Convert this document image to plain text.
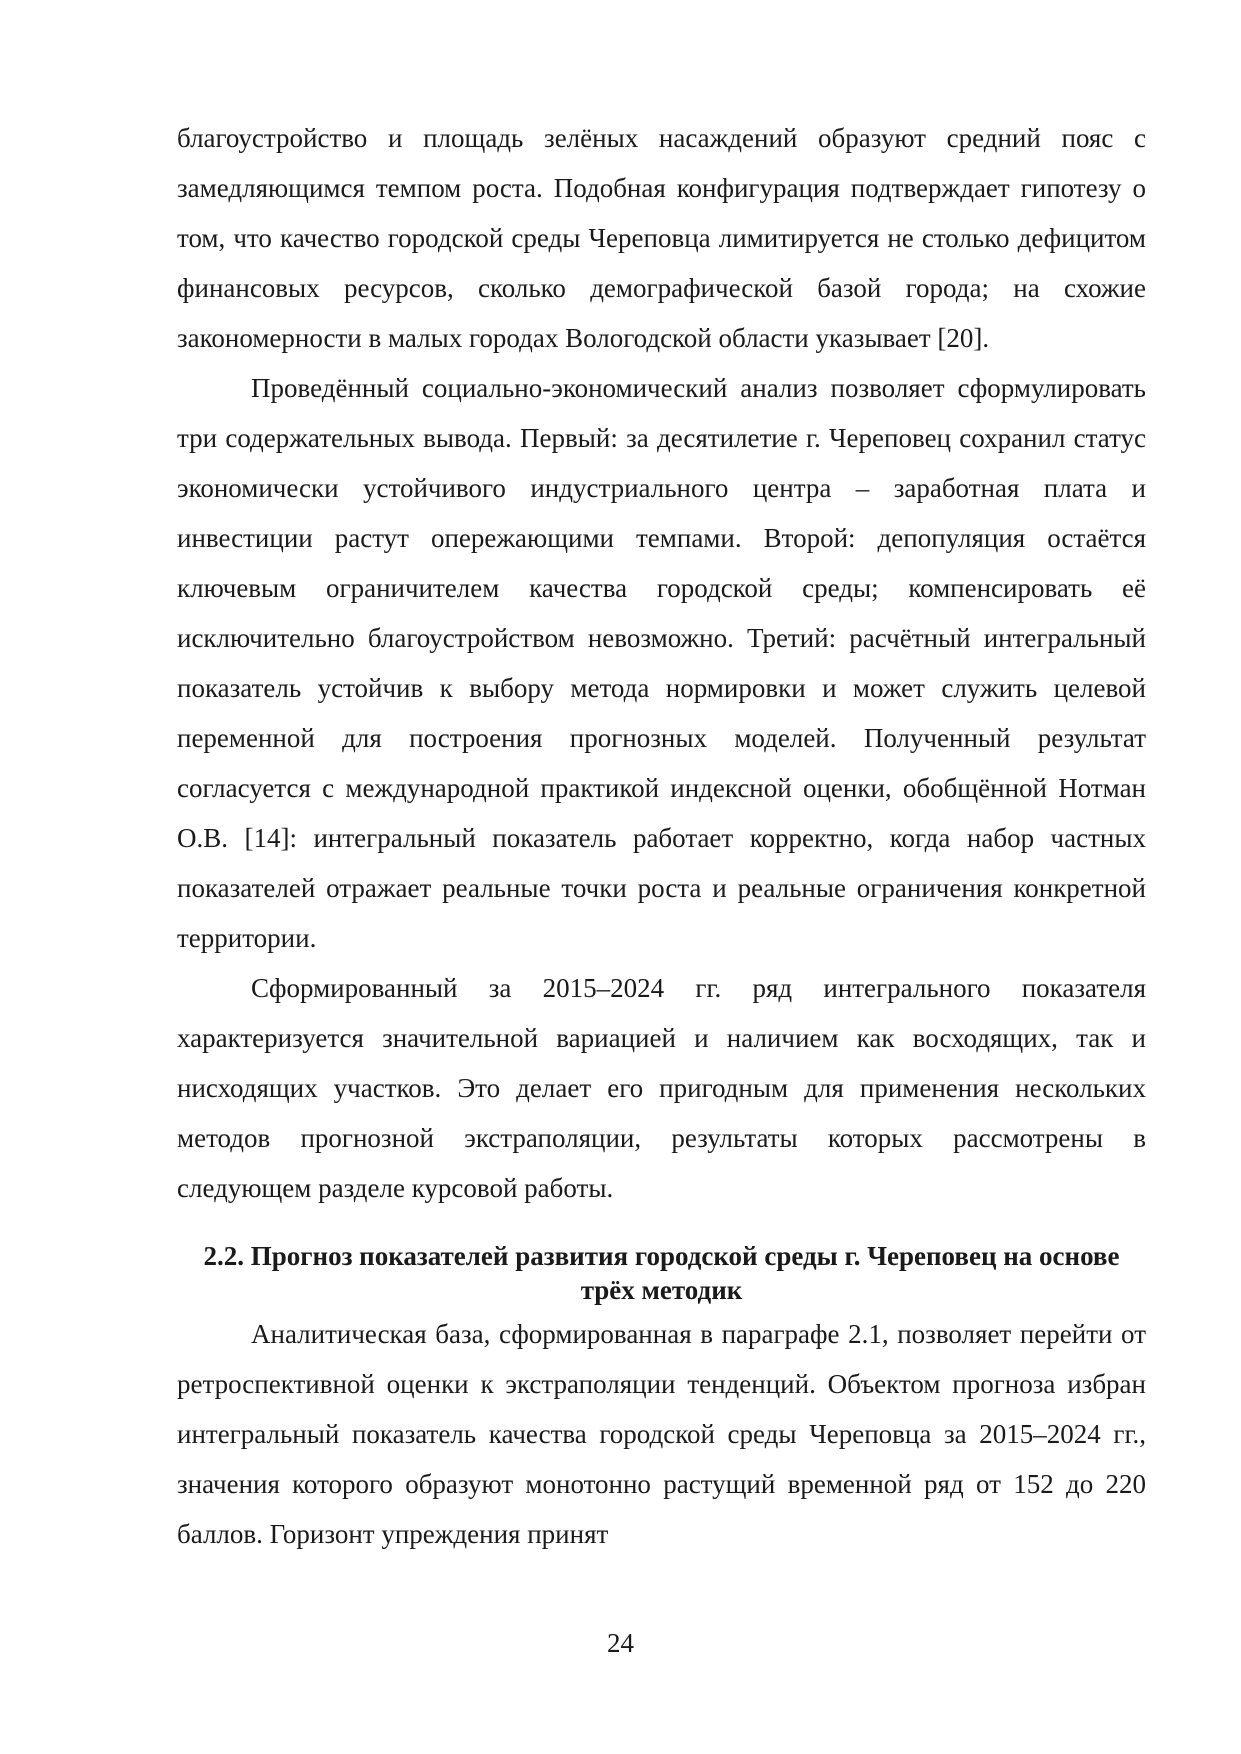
благоустройство и площадь зелёных насаждений образуют средний пояс с замедляющимся темпом роста. Подобная конфигурация подтверждает гипотезу о том, что качество городской среды Череповца лимитируется не столько дефицитом финансовых ресурсов, сколько демографической базой города; на схожие закономерности в малых городах Вологодской области указывает [20].

Проведённый социально-экономический анализ позволяет сформулировать три содержательных вывода. Первый: за десятилетие г. Череповец сохранил статус экономически устойчивого индустриального центра – заработная плата и инвестиции растут опережающими темпами. Второй: депопуляция остаётся ключевым ограничителем качества городской среды; компенсировать её исключительно благоустройством невозможно. Третий: расчётный интегральный показатель устойчив к выбору метода нормировки и может служить целевой переменной для построения прогнозных моделей. Полученный результат согласуется с международной практикой индексной оценки, обобщённой Нотман О.В. [14]: интегральный показатель работает корректно, когда набор частных показателей отражает реальные точки роста и реальные ограничения конкретной территории.

Сформированный за 2015–2024 гг. ряд интегрального показателя характеризуется значительной вариацией и наличием как восходящих, так и нисходящих участков. Это делает его пригодным для применения нескольких методов прогнозной экстраполяции, результаты которых рассмотрены в следующем разделе курсовой работы.

2.2. Прогноз показателей развития городской среды г. Череповец на основе трёх методик

Аналитическая база, сформированная в параграфе 2.1, позволяет перейти от ретроспективной оценки к экстраполяции тенденций. Объектом прогноза избран интегральный показатель качества городской среды Череповца за 2015–2024 гг., значения которого образуют монотонно растущий временной ряд от 152 до 220 баллов. Горизонт упреждения принят

24
